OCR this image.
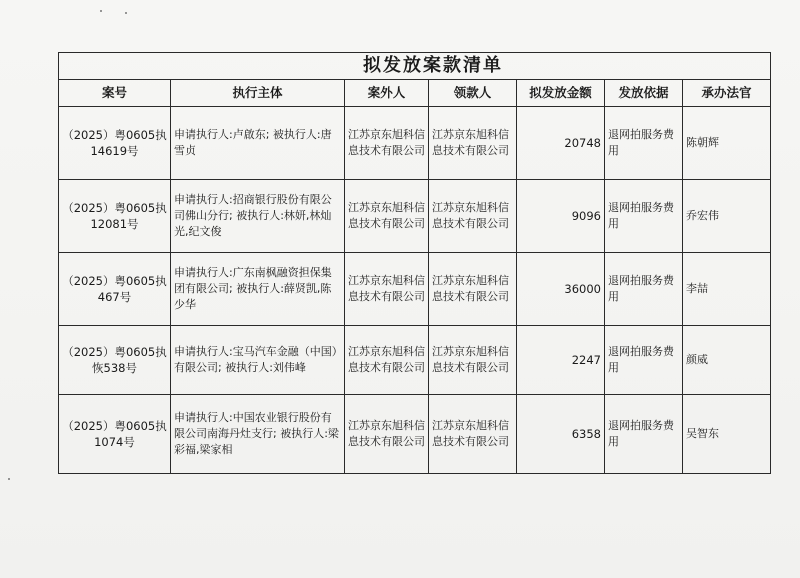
拟发放案款清单						
案号	执行主体	案外人	领款人	拟发放金额	发放依据	承办法官
（2025）粤0605执14619号	申请执行人:卢啟东; 被执行人:唐雪贞	江苏京东旭科信息技术有限公司	江苏京东旭科信息技术有限公司	20748	退网拍服务费用	陈朝辉
（2025）粤0605执12081号	申请执行人:招商银行股份有限公司佛山分行; 被执行人:林妍,林灿光,纪文俊	江苏京东旭科信息技术有限公司	江苏京东旭科信息技术有限公司	9096	退网拍服务费用	乔宏伟
（2025）粤0605执467号	申请执行人:广东南枫融资担保集团有限公司; 被执行人:薛贤凯,陈少华	江苏京东旭科信息技术有限公司	江苏京东旭科信息技术有限公司	36000	退网拍服务费用	李喆
（2025）粤0605执恢538号	申请执行人:宝马汽车金融（中国）有限公司; 被执行人:刘伟峰	江苏京东旭科信息技术有限公司	江苏京东旭科信息技术有限公司	2247	退网拍服务费用	颜威
（2025）粤0605执1074号	申请执行人:中国农业银行股份有限公司南海丹灶支行; 被执行人:梁彩福,梁家相	江苏京东旭科信息技术有限公司	江苏京东旭科信息技术有限公司	6358	退网拍服务费用	吴智东
